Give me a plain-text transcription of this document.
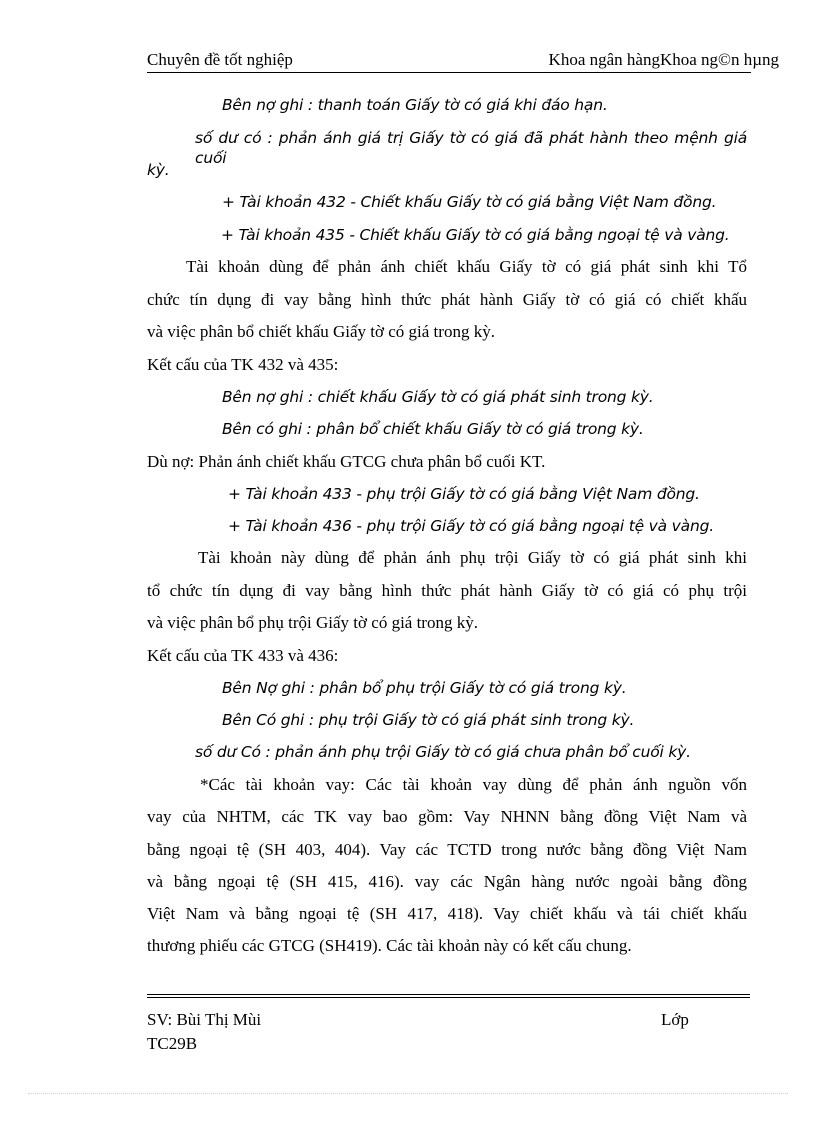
Chuyên đề tốt nghiệp	Khoa ngân hàngKhoa ng©n hµng
Bên nợ ghi : thanh toán Giấy tờ có giá khi đáo hạn.
số dư có : phản ánh giá trị Giấy tờ có giá đã phát hành theo mệnh giá cuối
kỳ.
+ Tài khoản 432 - Chiết khấu Giấy tờ có giá bằng Việt Nam đồng.
+ Tài khoản 435 - Chiết khấu Giấy tờ có giá bằng ngoại tệ và vàng.
Tài khoản dùng để phản ánh chiết khấu Giấy tờ có giá phát sinh khi Tổ
chức tín dụng đi vay bằng hình thức phát hành Giấy tờ có giá có chiết khấu
và việc phân bổ chiết khấu Giấy tờ có giá trong kỳ.
Kết cấu của TK 432 và 435:
Bên nợ ghi : chiết khấu Giấy tờ có giá phát sinh trong kỳ.
Bên có ghi : phân bổ chiết khấu Giấy tờ có giá trong kỳ.
Dù nợ: Phản ánh chiết khấu GTCG chưa phân bổ cuối KT.
+ Tài khoản 433 - phụ trội Giấy tờ có giá bằng Việt Nam đồng.
+ Tài khoản 436 - phụ trội Giấy tờ có giá bằng ngoại tệ và vàng.
Tài khoản này dùng để phản ánh phụ trội Giấy tờ có giá phát sinh khi
tổ chức tín dụng đi vay bằng hình thức phát hành Giấy tờ có giá có phụ trội
và việc phân bổ phụ trội Giấy tờ có giá trong kỳ.
Kết cấu của TK 433 và 436:
Bên Nợ ghi : phân bổ phụ trội Giấy tờ có giá trong kỳ.
Bên Có ghi : phụ trội Giấy tờ có giá phát sinh trong kỳ.
số dư Có : phản ánh phụ trội Giấy tờ có giá chưa phân bổ cuối kỳ.
*Các tài khoản vay: Các tài khoản vay dùng để phản ánh nguồn vốn
vay của NHTM, các TK vay bao gồm: Vay NHNN bằng đồng Việt Nam và
bằng ngoại tệ (SH 403, 404). Vay các TCTD trong nước bằng đồng Việt Nam
và bằng ngoại tệ (SH 415, 416). vay các Ngân hàng nước ngoài bằng đồng
Việt Nam và bằng ngoại tệ (SH 417, 418). Vay chiết khấu và tái chiết khấu
thương phiếu các GTCG (SH419). Các tài khoản này có kết cấu chung.
SV: Bùi Thị Mùi	Lớp
TC29B
